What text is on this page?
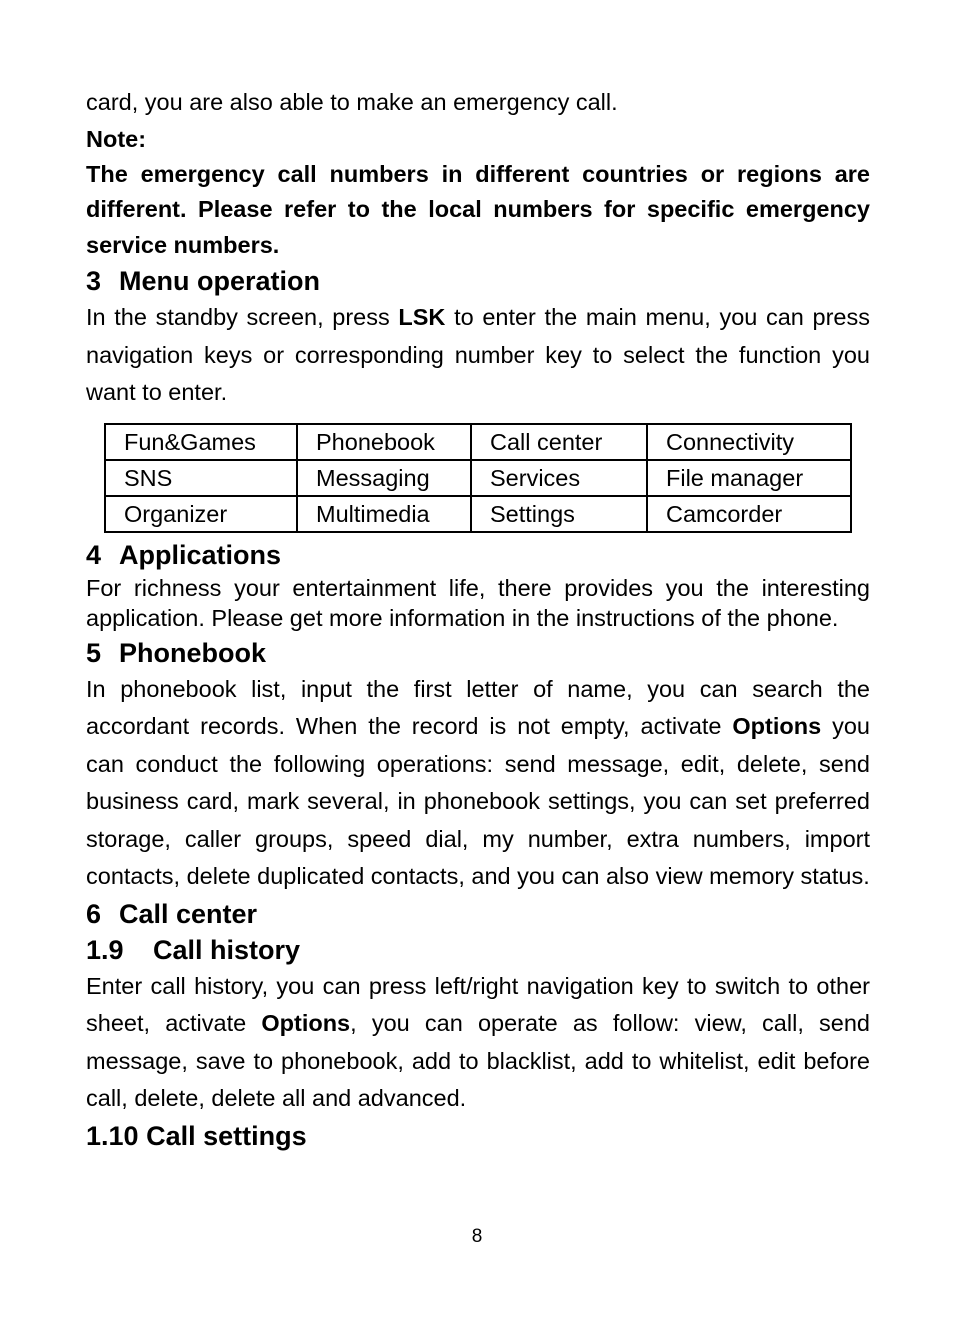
card, you are also able to make an emergency call.

Note:

The emergency call numbers in different countries or regions are different. Please refer to the local numbers for specific emergency service numbers.

3 Menu operation

In the standby screen, press LSK to enter the main menu, you can press navigation keys or corresponding number key to select the function you want to enter.

Fun&Games	Phonebook	Call center	Connectivity
SNS	Messaging	Services	File manager
Organizer	Multimedia	Settings	Camcorder
4 Applications

For richness your entertainment life, there provides you the interesting application. Please get more information in the instructions of the phone.

5 Phonebook

In phonebook list, input the first letter of name, you can search the accordant records. When the record is not empty, activate Options you can conduct the following operations: send message, edit, delete, send business card, mark several, in phonebook settings, you can set preferred storage, caller groups, speed dial, my number, extra numbers, import contacts, delete duplicated contacts, and you can also view memory status.

6 Call center
1.9 Call history

Enter call history, you can press left/right navigation key to switch to other sheet, activate Options, you can operate as follow: view, call, send message, save to phonebook, add to blacklist, add to whitelist, edit before call, delete, delete all and advanced.

1.10 Call settings
8
